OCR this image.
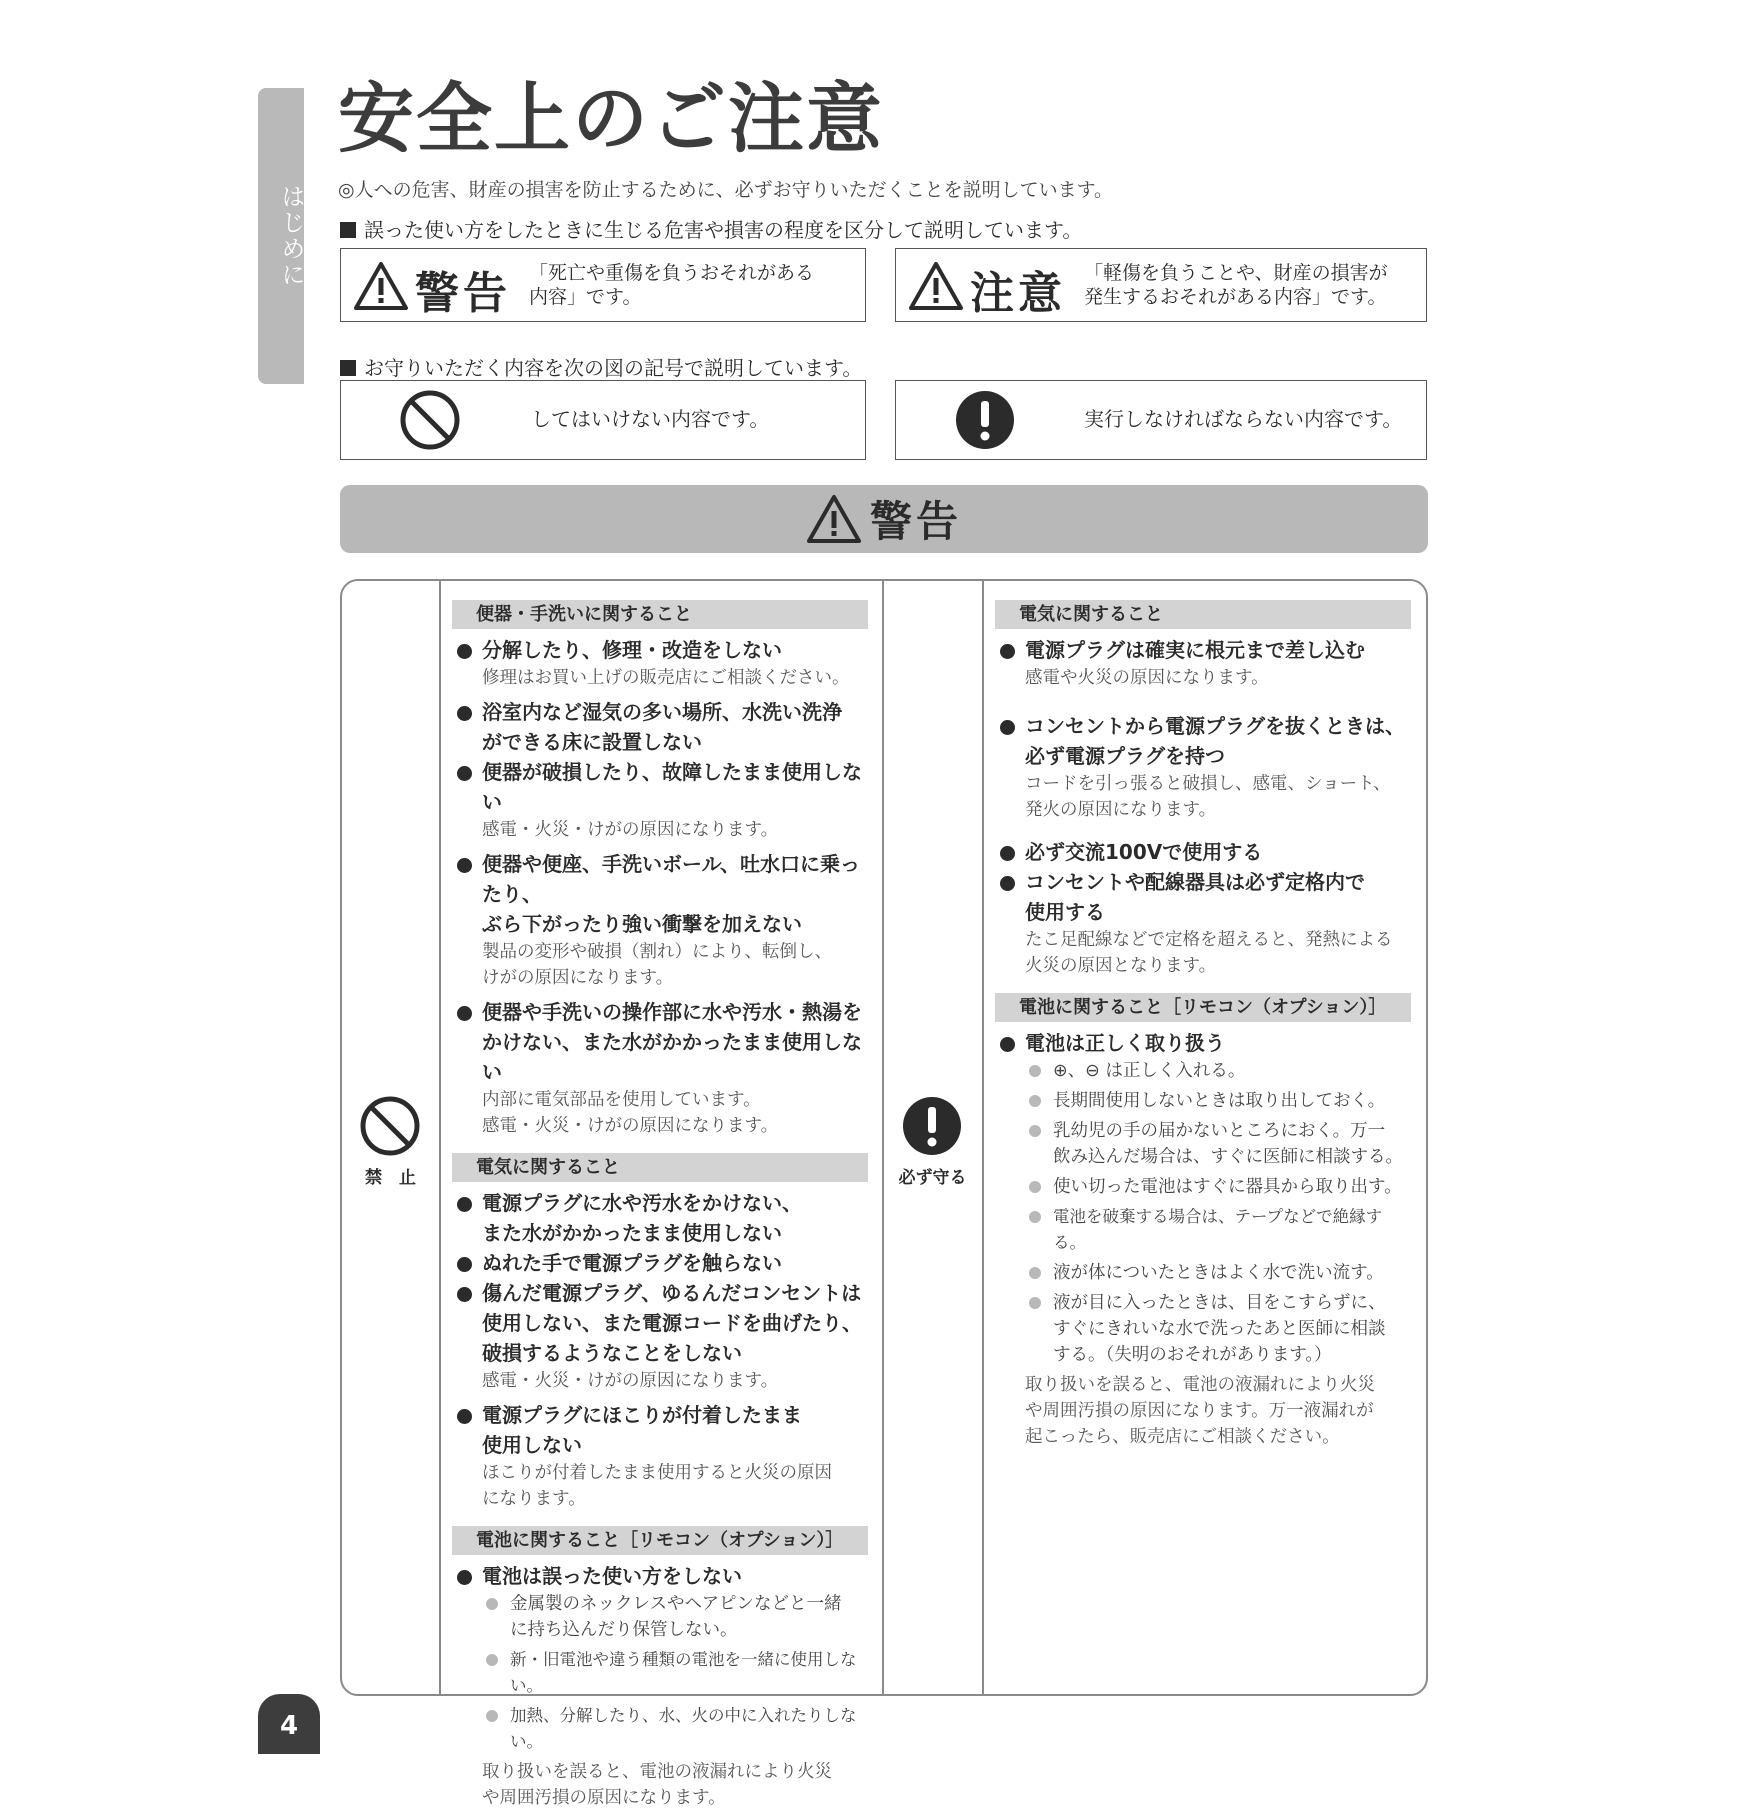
はじめに
安全上のご注意
◎人への危害、財産の損害を防止するために、必ずお守りいただくことを説明しています。
誤った使い方をしたときに生じる危害や損害の程度を区分して説明しています。
警告 「死亡や重傷を負うおそれがある
内容」です。	注意 「軽傷を負うことや、財産の損害が
発生するおそれがある内容」です。
お守りいただく内容を次の図の記号で説明しています。
してはいけない内容です。	実行しなければならない内容です。
警告
禁　止	必ず守る
便器・手洗いに関すること
分解したり、修理・改造をしない
修理はお買い上げの販売店にご相談ください。
浴室内など湿気の多い場所、水洗い洗浄
ができる床に設置しない
便器が破損したり、故障したまま使用しない
感電・火災・けがの原因になります。
便器や便座、手洗いボール、吐水口に乗ったり、
ぶら下がったり強い衝撃を加えない
製品の変形や破損（割れ）により、転倒し、
けがの原因になります。
便器や手洗いの操作部に水や汚水・熱湯を
かけない、また水がかかったまま使用しない
内部に電気部品を使用しています。
感電・火災・けがの原因になります。
電気に関すること
電源プラグに水や汚水をかけない、
また水がかかったまま使用しない
ぬれた手で電源プラグを触らない
傷んだ電源プラグ、ゆるんだコンセントは
使用しない、また電源コードを曲げたり、
破損するようなことをしない
感電・火災・けがの原因になります。
電源プラグにほこりが付着したまま
使用しない
ほこりが付着したまま使用すると火災の原因
になります。
電池に関すること［リモコン（オプション）］
電池は誤った使い方をしない
金属製のネックレスやヘアピンなどと一緒
に持ち込んだり保管しない。
新・旧電池や違う種類の電池を一緒に使用しない。
加熱、分解したり、水、火の中に入れたりしない。
取り扱いを誤ると、電池の液漏れにより火災
や周囲汚損の原因になります。
電気に関すること
電源プラグは確実に根元まで差し込む
感電や火災の原因になります。
コンセントから電源プラグを抜くときは、
必ず電源プラグを持つ
コードを引っ張ると破損し、感電、ショート、
発火の原因になります。
必ず交流100Vで使用する
コンセントや配線器具は必ず定格内で
使用する
たこ足配線などで定格を超えると、発熱による
火災の原因となります。
電池に関すること［リモコン（オプション）］
電池は正しく取り扱う
⊕、⊖ は正しく入れる。
長期間使用しないときは取り出しておく。
乳幼児の手の届かないところにおく。万一
飲み込んだ場合は、すぐに医師に相談する。
使い切った電池はすぐに器具から取り出す。
電池を破棄する場合は、テープなどで絶縁する。
液が体についたときはよく水で洗い流す。
液が目に入ったときは、目をこすらずに、
すぐにきれいな水で洗ったあと医師に相談
する。（失明のおそれがあります。）
取り扱いを誤ると、電池の液漏れにより火災
や周囲汚損の原因になります。万一液漏れが
起こったら、販売店にご相談ください。
4
